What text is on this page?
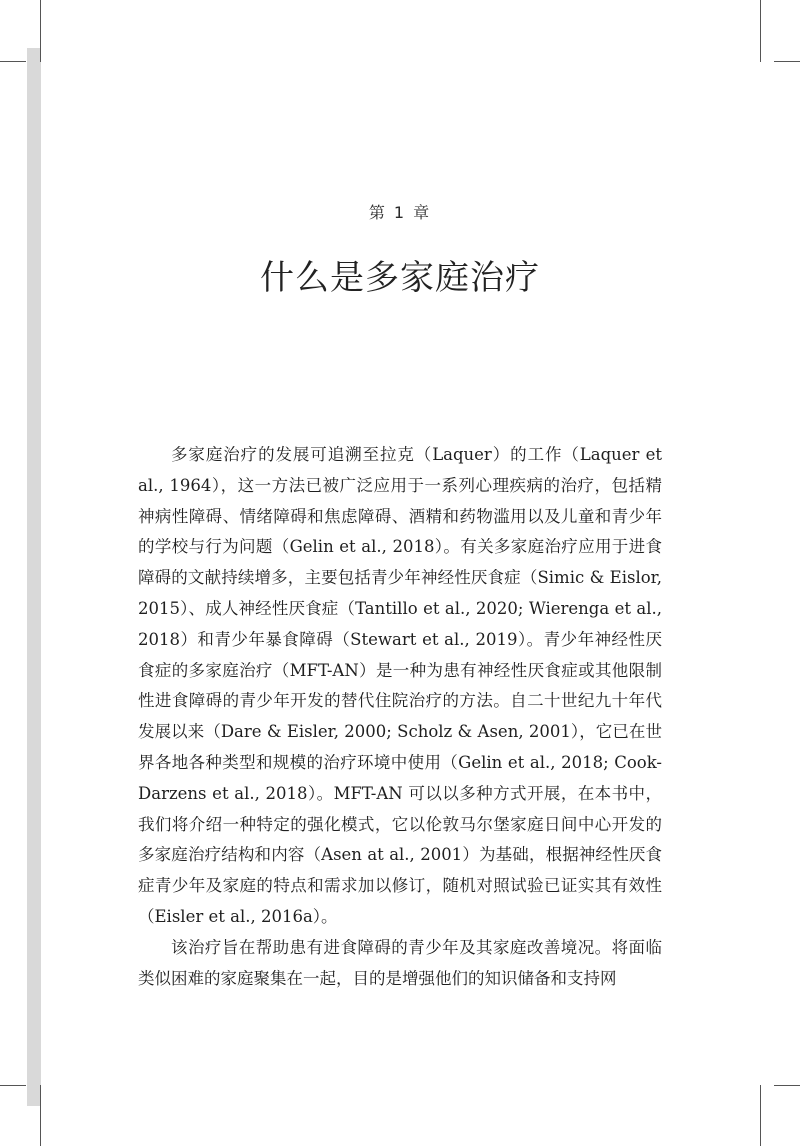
第 1 章
什么是多家庭治疗

多家庭治疗的发展可追溯至拉克（Laquer）的工作（Laquer et al., 1964），这一方法已被广泛应用于一系列心理疾病的治疗，包括精神病性障碍、情绪障碍和焦虑障碍、酒精和药物滥用以及儿童和青少年的学校与行为问题（Gelin et al., 2018）。有关多家庭治疗应用于进食障碍的文献持续增多，主要包括青少年神经性厌食症（Simic & Eislor, 2015）、成人神经性厌食症（Tantillo et al., 2020; Wierenga et al., 2018）和青少年暴食障碍（Stewart et al., 2019）。青少年神经性厌食症的多家庭治疗（MFT-AN）是一种为患有神经性厌食症或其他限制性进食障碍的青少年开发的替代住院治疗的方法。自二十世纪九十年代发展以来（Dare & Eisler, 2000; Scholz & Asen, 2001），它已在世界各地各种类型和规模的治疗环境中使用（Gelin et al., 2018; Cook-Darzens et al., 2018）。MFT-AN 可以以多种方式开展，在本书中，我们将介绍一种特定的强化模式，它以伦敦马尔堡家庭日间中心开发的多家庭治疗结构和内容（Asen at al., 2001）为基础，根据神经性厌食症青少年及家庭的特点和需求加以修订，随机对照试验已证实其有效性（Eisler et al., 2016a）。

该治疗旨在帮助患有进食障碍的青少年及其家庭改善境况。将面临类似困难的家庭聚集在一起，目的是增强他们的知识储备和支持网
